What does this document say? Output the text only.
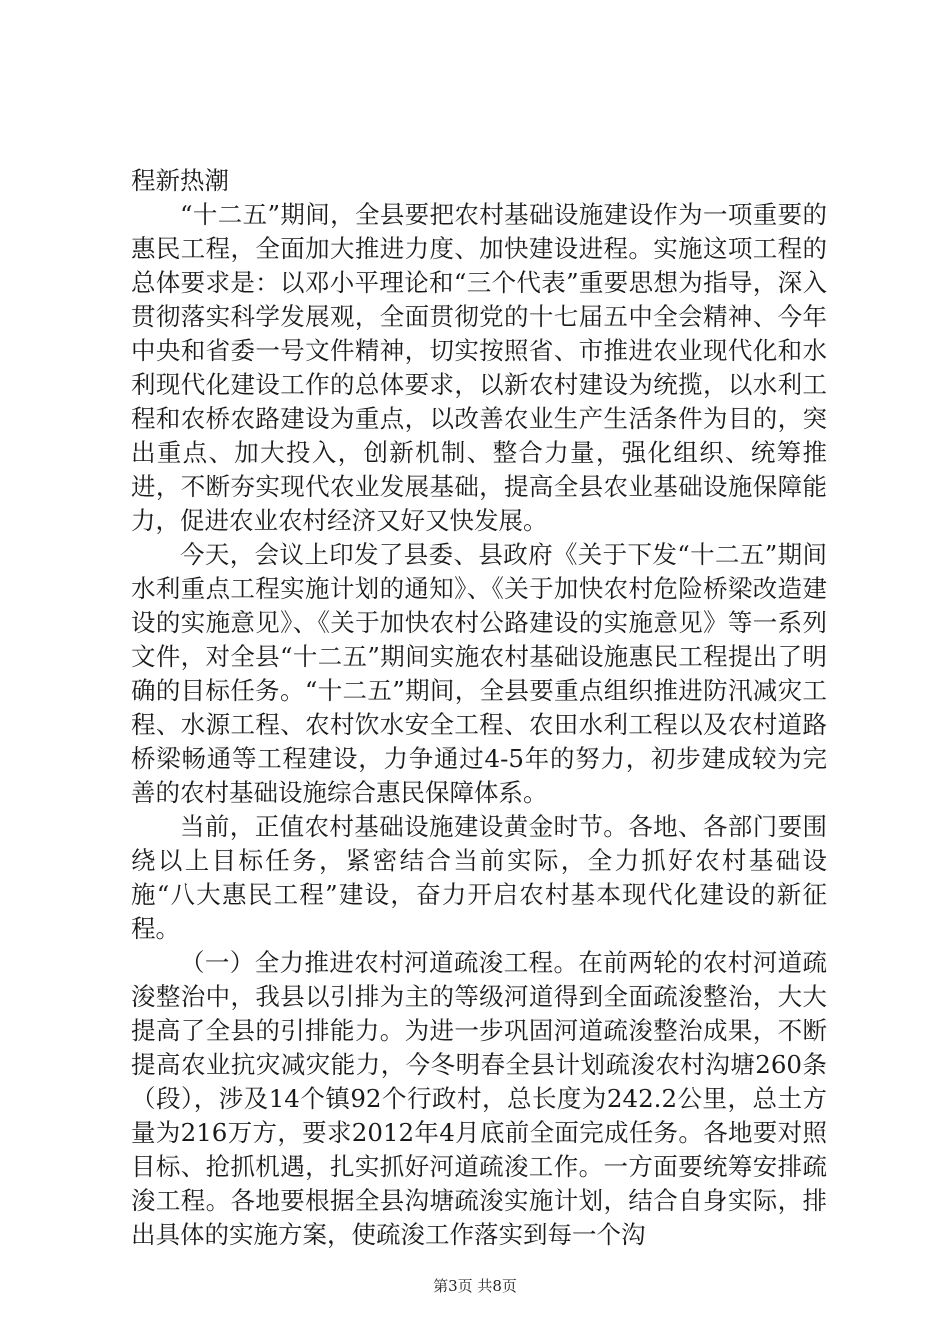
程新热潮

“十二五”期间，全县要把农村基础设施建设作为一项重要的惠民工程，全面加大推进力度、加快建设进程。实施这项工程的总体要求是：以邓小平理论和“三个代表”重要思想为指导，深入贯彻落实科学发展观，全面贯彻党的十七届五中全会精神、今年中央和省委一号文件精神，切实按照省、市推进农业现代化和水利现代化建设工作的总体要求，以新农村建设为统揽，以水利工程和农桥农路建设为重点，以改善农业生产生活条件为目的，突出重点、加大投入，创新机制、整合力量，强化组织、统筹推进，不断夯实现代农业发展基础，提高全县农业基础设施保障能力，促进农业农村经济又好又快发展。

今天，会议上印发了县委、县政府《关于下发“十二五”期间水利重点工程实施计划的通知》、《关于加快农村危险桥梁改造建设的实施意见》、《关于加快农村公路建设的实施意见》等一系列文件，对全县“十二五”期间实施农村基础设施惠民工程提出了明确的目标任务。“十二五”期间，全县要重点组织推进防汛减灾工程、水源工程、农村饮水安全工程、农田水利工程以及农村道路桥梁畅通等工程建设，力争通过4-5年的努力，初步建成较为完善的农村基础设施综合惠民保障体系。

当前，正值农村基础设施建设黄金时节。各地、各部门要围绕以上目标任务，紧密结合当前实际，全力抓好农村基础设施“八大惠民工程”建设，奋力开启农村基本现代化建设的新征程。

（一）全力推进农村河道疏浚工程。在前两轮的农村河道疏浚整治中，我县以引排为主的等级河道得到全面疏浚整治，大大提高了全县的引排能力。为进一步巩固河道疏浚整治成果，不断提高农业抗灾减灾能力，今冬明春全县计划疏浚农村沟塘260条（段），涉及14个镇92个行政村，总长度为242.2公里，总土方量为216万方，要求2012年4月底前全面完成任务。各地要对照目标、抢抓机遇，扎实抓好河道疏浚工作。一方面要统筹安排疏浚工程。各地要根据全县沟塘疏浚实施计划，结合自身实际，排出具体的实施方案，使疏浚工作落实到每一个沟

第3页 共8页
